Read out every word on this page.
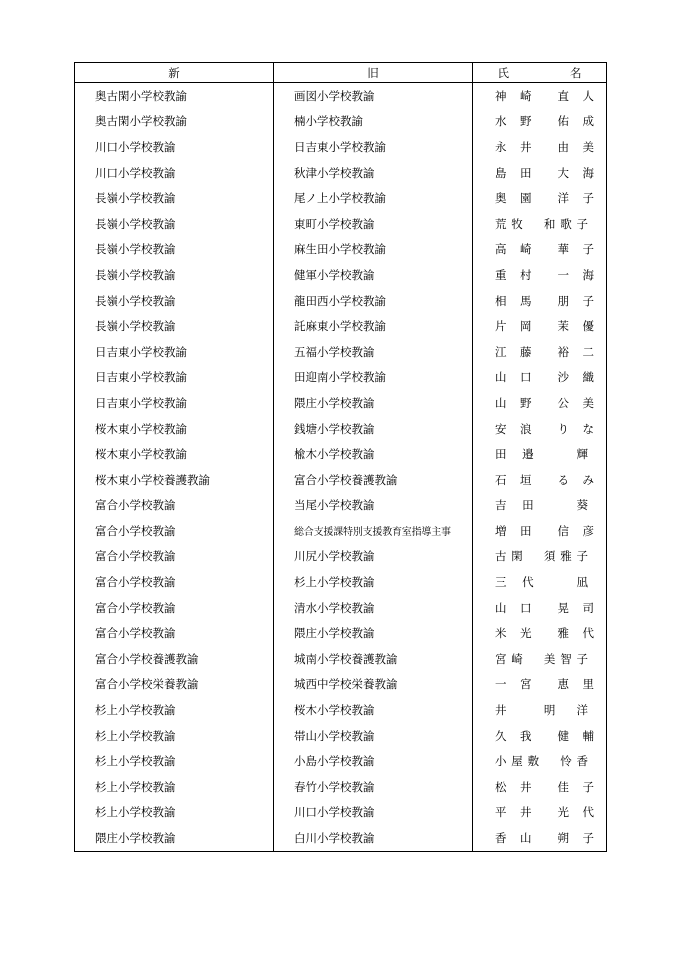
新	旧	氏　　名
奥古閑小学校教諭	画図小学校教諭	神　崎　　直　人

奥古閑小学校教諭	楠小学校教諭	水　野　　佑　成

川口小学校教諭	日吉東小学校教諭	永　井　　由　美

川口小学校教諭	秋津小学校教諭	島　田　　大　海

長嶺小学校教諭	尾ノ上小学校教諭	奥　園　　洋　子

長嶺小学校教諭	東町小学校教諭	荒牧　和歌子

長嶺小学校教諭	麻生田小学校教諭	高　崎　　華　子

長嶺小学校教諭	健軍小学校教諭	重　村　　一　海

長嶺小学校教諭	龍田西小学校教諭	相　馬　　朋　子

長嶺小学校教諭	託麻東小学校教諭	片　岡　　茉　優

日吉東小学校教諭	五福小学校教諭	江　藤　　裕　二

日吉東小学校教諭	田迎南小学校教諭	山　口　　沙　織

日吉東小学校教諭	隈庄小学校教諭	山　野　　公　美

桜木東小学校教諭	銭塘小学校教諭	安　浪　　り　な

桜木東小学校教諭	楡木小学校教諭	田　邉　　　輝

桜木東小学校養護教諭	富合小学校養護教諭	石　垣　　る　み

富合小学校教諭	当尾小学校教諭	吉　田　　　葵

富合小学校教諭	総合支援課特別支援教育室指導主事	増　田　　信　彦

富合小学校教諭	川尻小学校教諭	古閑　須雅子

富合小学校教諭	杉上小学校教諭	三　代　　　凪

富合小学校教諭	清水小学校教諭	山　口　　晃　司

富合小学校教諭	隈庄小学校教諭	米　光　　雅　代

富合小学校養護教諭	城南小学校養護教諭	宮崎　美智子

富合小学校栄養教諭	城西中学校栄養教諭	一　宮　　恵　里

杉上小学校教諭	桜木小学校教諭	井　　明　洋

杉上小学校教諭	帯山小学校教諭	久　我　　健　輔

杉上小学校教諭	小島小学校教諭	小屋敷　怜香

杉上小学校教諭	春竹小学校教諭	松　井　　佳　子

杉上小学校教諭	川口小学校教諭	平　井　　光　代

隈庄小学校教諭	白川小学校教諭	香　山　　朔　子
